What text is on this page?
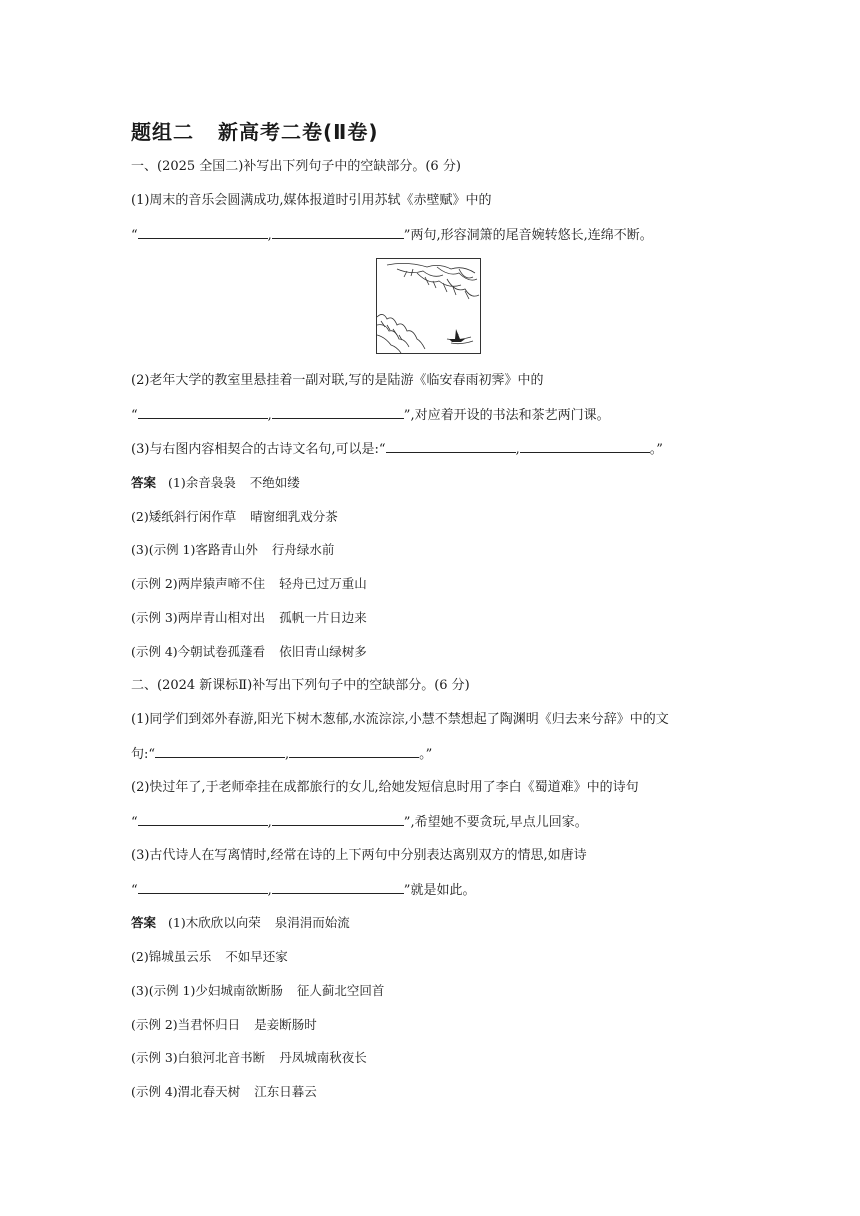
题组二 新高考二卷(Ⅱ卷)
一、(2025 全国二)补写出下列句子中的空缺部分。(6 分)
(1)周末的音乐会圆满成功,媒体报道时引用苏轼《赤壁赋》中的
“	,	”两句,形容洞箫的尾音婉转悠长,连绵不断。
(2)老年大学的教室里悬挂着一副对联,写的是陆游《临安春雨初霁》中的
“	,	”,对应着开设的书法和茶艺两门课。
(3)与右图内容相契合的古诗文名句,可以是:“	,	。”
答案 (1)余音袅袅 不绝如缕
(2)矮纸斜行闲作草 晴窗细乳戏分茶
(3)(示例 1)客路青山外 行舟绿水前
(示例 2)两岸猿声啼不住 轻舟已过万重山
(示例 3)两岸青山相对出 孤帆一片日边来
(示例 4)今朝试卷孤蓬看 依旧青山绿树多
二、(2024 新课标Ⅱ)补写出下列句子中的空缺部分。(6 分)
(1)同学们到郊外春游,阳光下树木葱郁,水流淙淙,小慧不禁想起了陶渊明《归去来兮辞》中的文
句:“	,	。”
(2)快过年了,于老师牵挂在成都旅行的女儿,给她发短信息时用了李白《蜀道难》中的诗句
“	,	”,希望她不要贪玩,早点儿回家。
(3)古代诗人在写离情时,经常在诗的上下两句中分别表达离别双方的情思,如唐诗
“	,	”就是如此。
答案 (1)木欣欣以向荣 泉涓涓而始流
(2)锦城虽云乐 不如早还家
(3)(示例 1)少妇城南欲断肠 征人蓟北空回首
(示例 2)当君怀归日 是妾断肠时
(示例 3)白狼河北音书断 丹凤城南秋夜长
(示例 4)渭北春天树 江东日暮云
